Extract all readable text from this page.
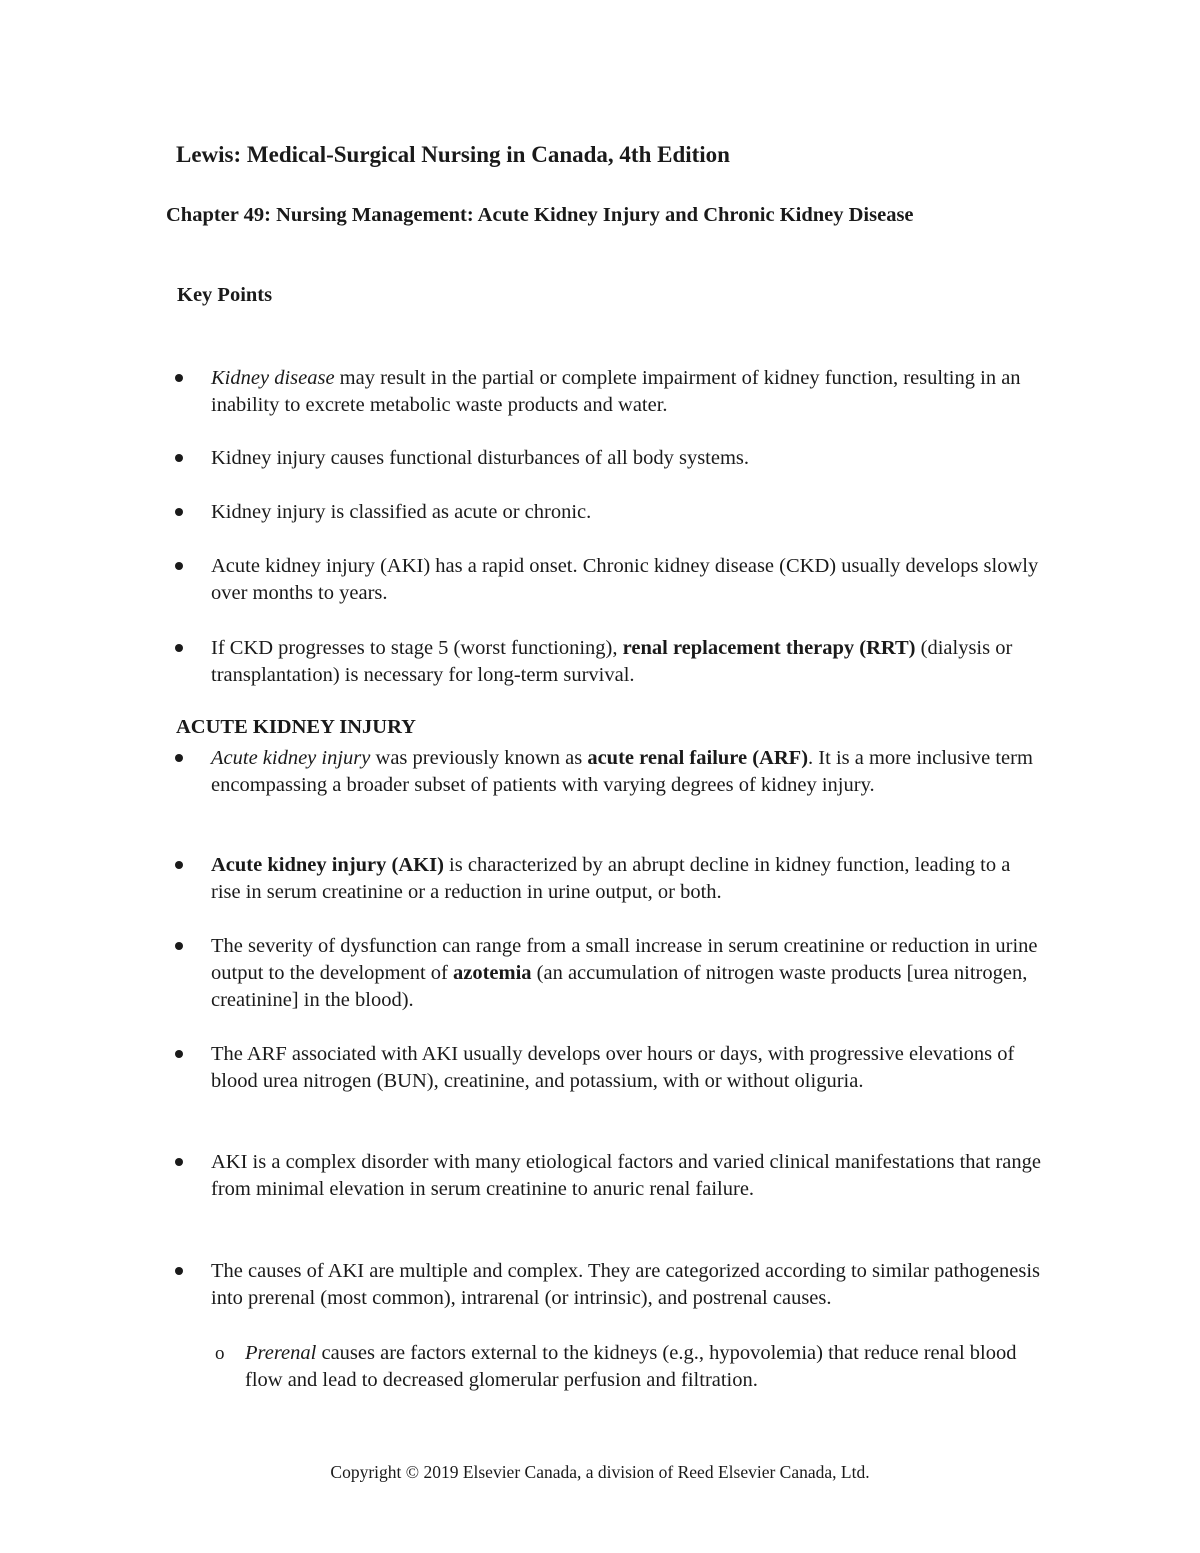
Lewis: Medical-Surgical Nursing in Canada, 4th Edition
Chapter 49: Nursing Management: Acute Kidney Injury and Chronic Kidney Disease
Key Points

Kidney disease may result in the partial or complete impairment of kidney function, resulting in an inability to excrete metabolic waste products and water.

Kidney injury causes functional disturbances of all body systems.

Kidney injury is classified as acute or chronic.

Acute kidney injury (AKI) has a rapid onset. Chronic kidney disease (CKD) usually develops slowly over months to years.

If CKD progresses to stage 5 (worst functioning), renal replacement therapy (RRT) (dialysis or transplantation) is necessary for long-term survival.

ACUTE KIDNEY INJURY

Acute kidney injury was previously known as acute renal failure (ARF). It is a more inclusive term encompassing a broader subset of patients with varying degrees of kidney injury.

Acute kidney injury (AKI) is characterized by an abrupt decline in kidney function, leading to a rise in serum creatinine or a reduction in urine output, or both.

The severity of dysfunction can range from a small increase in serum creatinine or reduction in urine output to the development of azotemia (an accumulation of nitrogen waste products [urea nitrogen, creatinine] in the blood).

The ARF associated with AKI usually develops over hours or days, with progressive elevations of blood urea nitrogen (BUN), creatinine, and potassium, with or without oliguria.

AKI is a complex disorder with many etiological factors and varied clinical manifestations that range from minimal elevation in serum creatinine to anuric renal failure.

The causes of AKI are multiple and complex. They are categorized according to similar pathogenesis into prerenal (most common), intrarenal (or intrinsic), and postrenal causes.

o Prerenal causes are factors external to the kidneys (e.g., hypovolemia) that reduce renal blood flow and lead to decreased glomerular perfusion and filtration.

Copyright © 2019 Elsevier Canada, a division of Reed Elsevier Canada, Ltd.
